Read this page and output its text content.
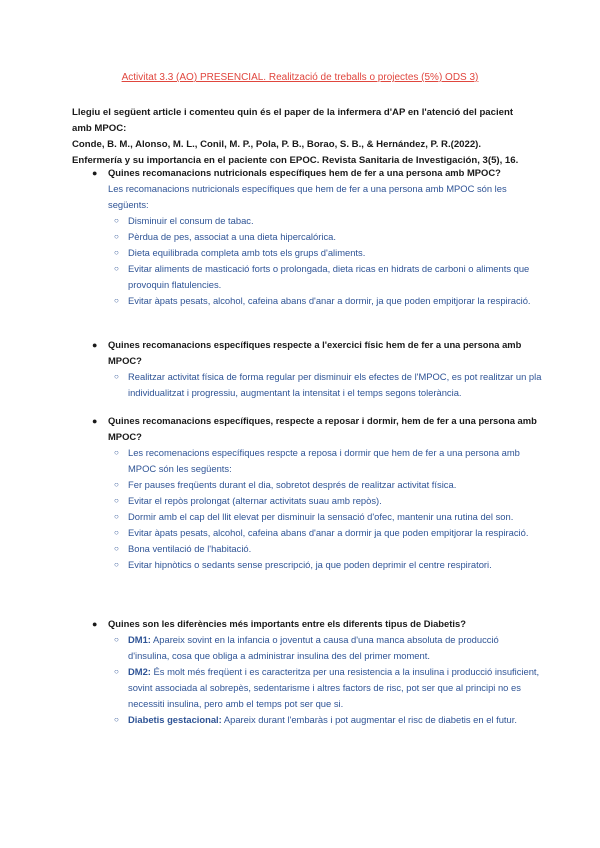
Activitat 3.3 (AO) PRESENCIAL. Realització de treballs o projectes (5%) ODS 3)

Llegiu el següent article i comenteu quin és el paper de la infermera d'AP en l'atenció del pacient amb MPOC:

Conde, B. M., Alonso, M. L., Conil, M. P., Pola, P. B., Borao, S. B., & Hernández, P. R.(2022). Enfermería y su importancia en el paciente con EPOC. Revista Sanitaria de Investigación, 3(5), 16.

● Quines recomanacions nutricionals específiques hem de fer a una persona amb MPOC?
Les recomanacions nutricionals específiques que hem de fer a una persona amb MPOC són les següents:
○ Disminuir el consum de tabac.
○ Pèrdua de pes, associat a una dieta hipercalórica.
○ Dieta equilibrada completa amb tots els grups d'aliments.
○ Evitar aliments de masticació forts o prolongada, dieta ricas en hidrats de carboni o aliments que provoquin flatulencies.
○ Evitar àpats pesats, alcohol, cafeina abans d'anar a dormir, ja que poden empitjorar la respiració.
● Quines recomanacions específiques respecte a l'exercici físic hem de fer a una persona amb MPOC?
○ Realitzar activitat física de forma regular per disminuir els efectes de l'MPOC, es pot realitzar un pla individualitzat i progressiu, augmentant la intensitat i el temps segons tolerància.
● Quines recomanacions específiques, respecte a reposar i dormir, hem de fer a una persona amb MPOC?
○ Les recomenacions específiques respcte a reposa i dormir que hem de fer a una persona amb MPOC són les següents:
○ Fer pauses freqüents durant el dia, sobretot després de realitzar activitat física.
○ Evitar el repòs prolongat (alternar activitats suau amb repòs).
○ Dormir amb el cap del llit elevat per disminuir la sensació d'ofec, mantenir una rutina del son.
○ Evitar àpats pesats, alcohol, cafeina abans d'anar a dormir ja que poden empitjorar la respiració.
○ Bona ventilació de l'habitació.
○ Evitar hipnòtics o sedants sense prescripció, ja que poden deprimir el centre respiratori.
● Quines son les diferències més importants entre els diferents tipus de Diabetis?
○ DM1: Apareix sovint en la infancia o joventut a causa d'una manca absoluta de producció d'insulina, cosa que obliga a administrar insulina des del primer moment.
○ DM2: És molt més freqüent i es caracteritza per una resistencia a la insulina i producció insuficient, sovint associada al sobrepès, sedentarisme i altres factors de risc, pot ser que al principi no es necessiti insulina, pero amb el temps pot ser que si.
○ Diabetis gestacional: Apareix durant l'embaràs i pot augmentar el risc de diabetis en el futur.
